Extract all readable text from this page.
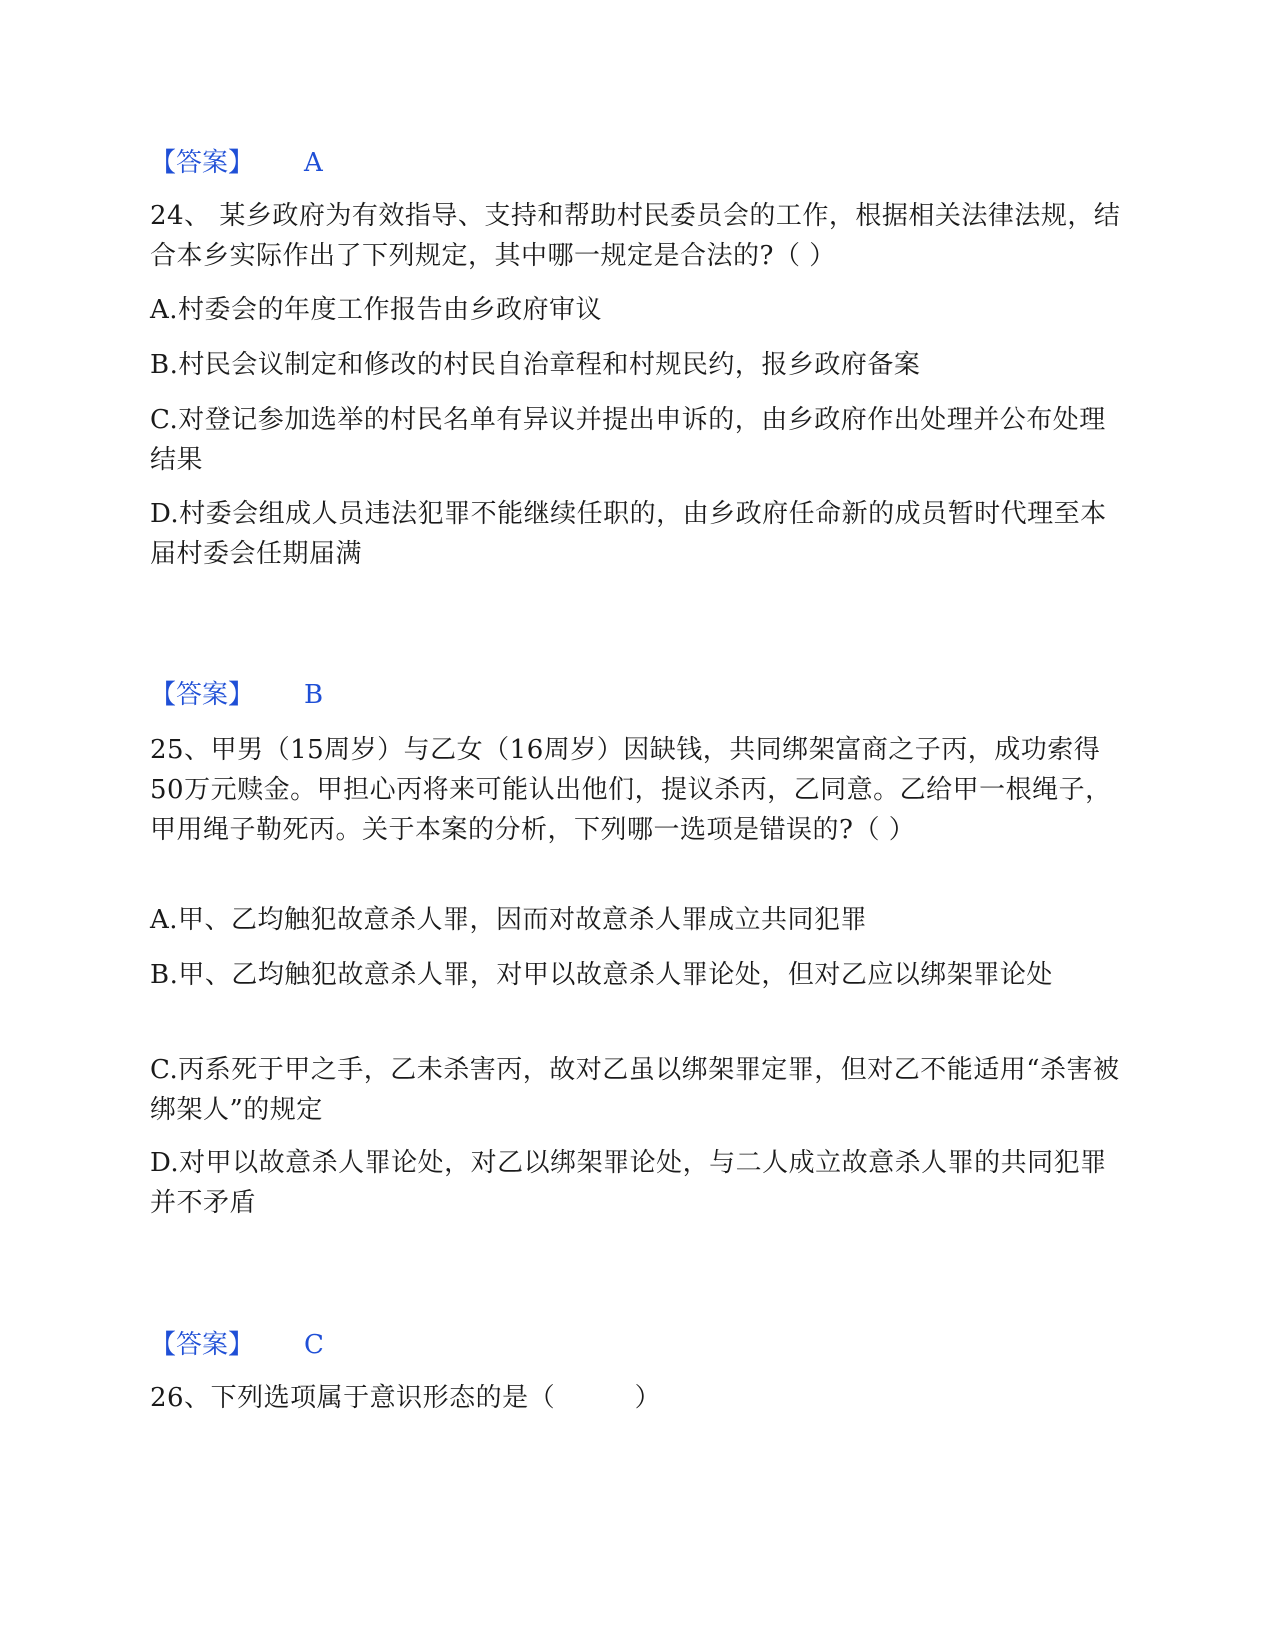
【答案】 A

24、 某乡政府为有效指导、支持和帮助村民委员会的工作，根据相关法律法规，结合本乡实际作出了下列规定，其中哪一规定是合法的?（ ）

A.村委会的年度工作报告由乡政府审议

B.村民会议制定和修改的村民自治章程和村规民约，报乡政府备案

C.对登记参加选举的村民名单有异议并提出申诉的，由乡政府作出处理并公布处理结果

D.村委会组成人员违法犯罪不能继续任职的，由乡政府任命新的成员暂时代理至本届村委会任期届满

【答案】 B

25、甲男（15周岁）与乙女（16周岁）因缺钱，共同绑架富商之子丙，成功索得50万元赎金。甲担心丙将来可能认出他们，提议杀丙，乙同意。乙给甲一根绳子，甲用绳子勒死丙。关于本案的分析，下列哪一选项是错误的?（ ）

A.甲、乙均触犯故意杀人罪，因而对故意杀人罪成立共同犯罪

B.甲、乙均触犯故意杀人罪，对甲以故意杀人罪论处，但对乙应以绑架罪论处

C.丙系死于甲之手，乙未杀害丙，故对乙虽以绑架罪定罪，但对乙不能适用“杀害被绑架人”的规定

D.对甲以故意杀人罪论处，对乙以绑架罪论处，与二人成立故意杀人罪的共同犯罪并不矛盾

【答案】 C

26、下列选项属于意识形态的是（　　　）
